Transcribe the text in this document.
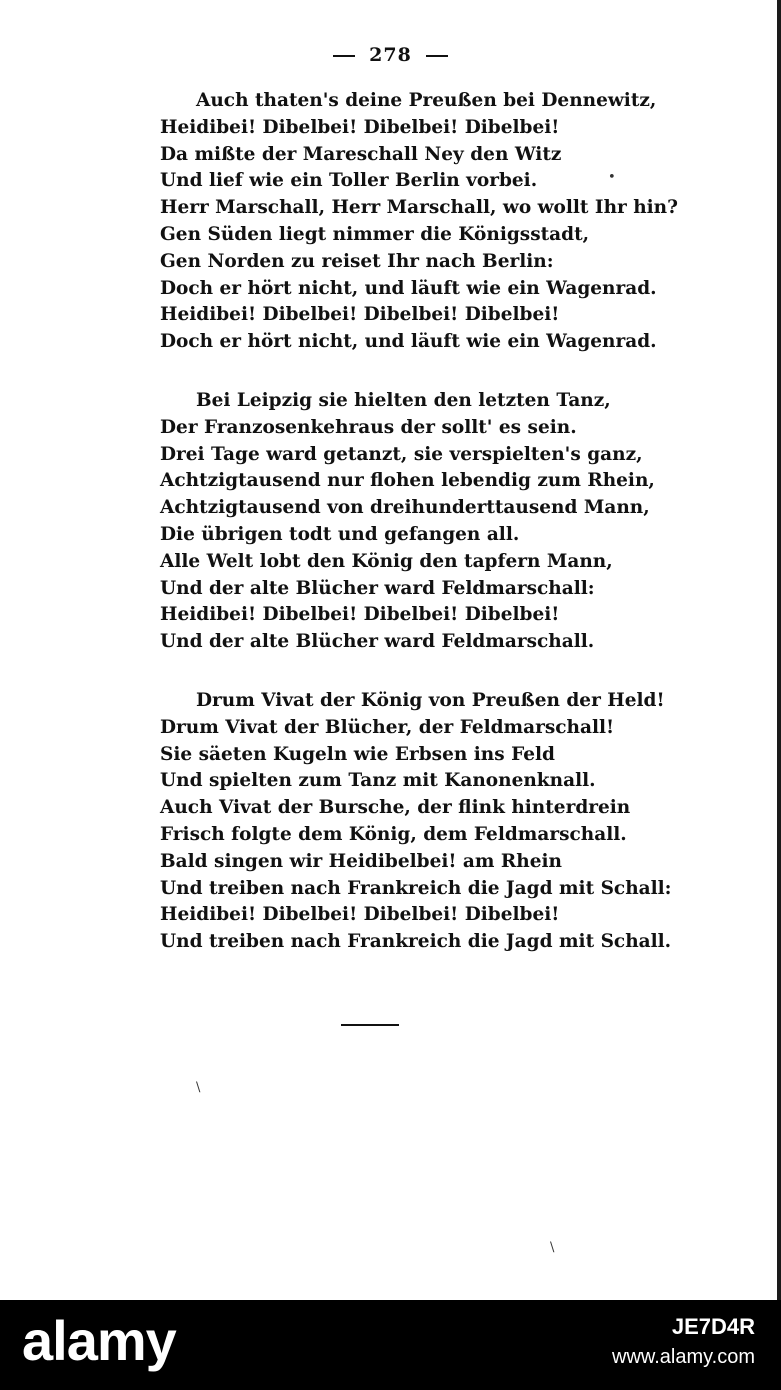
278
Auch thaten's deine Preußen bei Dennewitz,
Heidibei! Dibelbei! Dibelbei! Dibelbei!
Da mißte der Mareschall Ney den Witz
Und lief wie ein Toller Berlin vorbei.
Herr Marschall, Herr Marschall, wo wollt Ihr hin?
Gen Süden liegt nimmer die Königsstadt,
Gen Norden zu reiset Ihr nach Berlin:
Doch er hört nicht, und läuft wie ein Wagenrad.
Heidibei! Dibelbei! Dibelbei! Dibelbei!
Doch er hört nicht, und läuft wie ein Wagenrad.
Bei Leipzig sie hielten den letzten Tanz,
Der Franzosenkehraus der sollt' es sein.
Drei Tage ward getanzt, sie verspielten's ganz,
Achtzigtausend nur flohen lebendig zum Rhein,
Achtzigtausend von dreihunderttausend Mann,
Die übrigen todt und gefangen all.
Alle Welt lobt den König den tapfern Mann,
Und der alte Blücher ward Feldmarschall:
Heidibei! Dibelbei! Dibelbei! Dibelbei!
Und der alte Blücher ward Feldmarschall.
Drum Vivat der König von Preußen der Held!
Drum Vivat der Blücher, der Feldmarschall!
Sie säeten Kugeln wie Erbsen ins Feld
Und spielten zum Tanz mit Kanonenknall.
Auch Vivat der Bursche, der flink hinterdrein
Frisch folgte dem König, dem Feldmarschall.
Bald singen wir Heidibelbei! am Rhein
Und treiben nach Frankreich die Jagd mit Schall:
Heidibei! Dibelbei! Dibelbei! Dibelbei!
Und treiben nach Frankreich die Jagd mit Schall.
•
\
\
alamy	JE7D4R
www.alamy.com
